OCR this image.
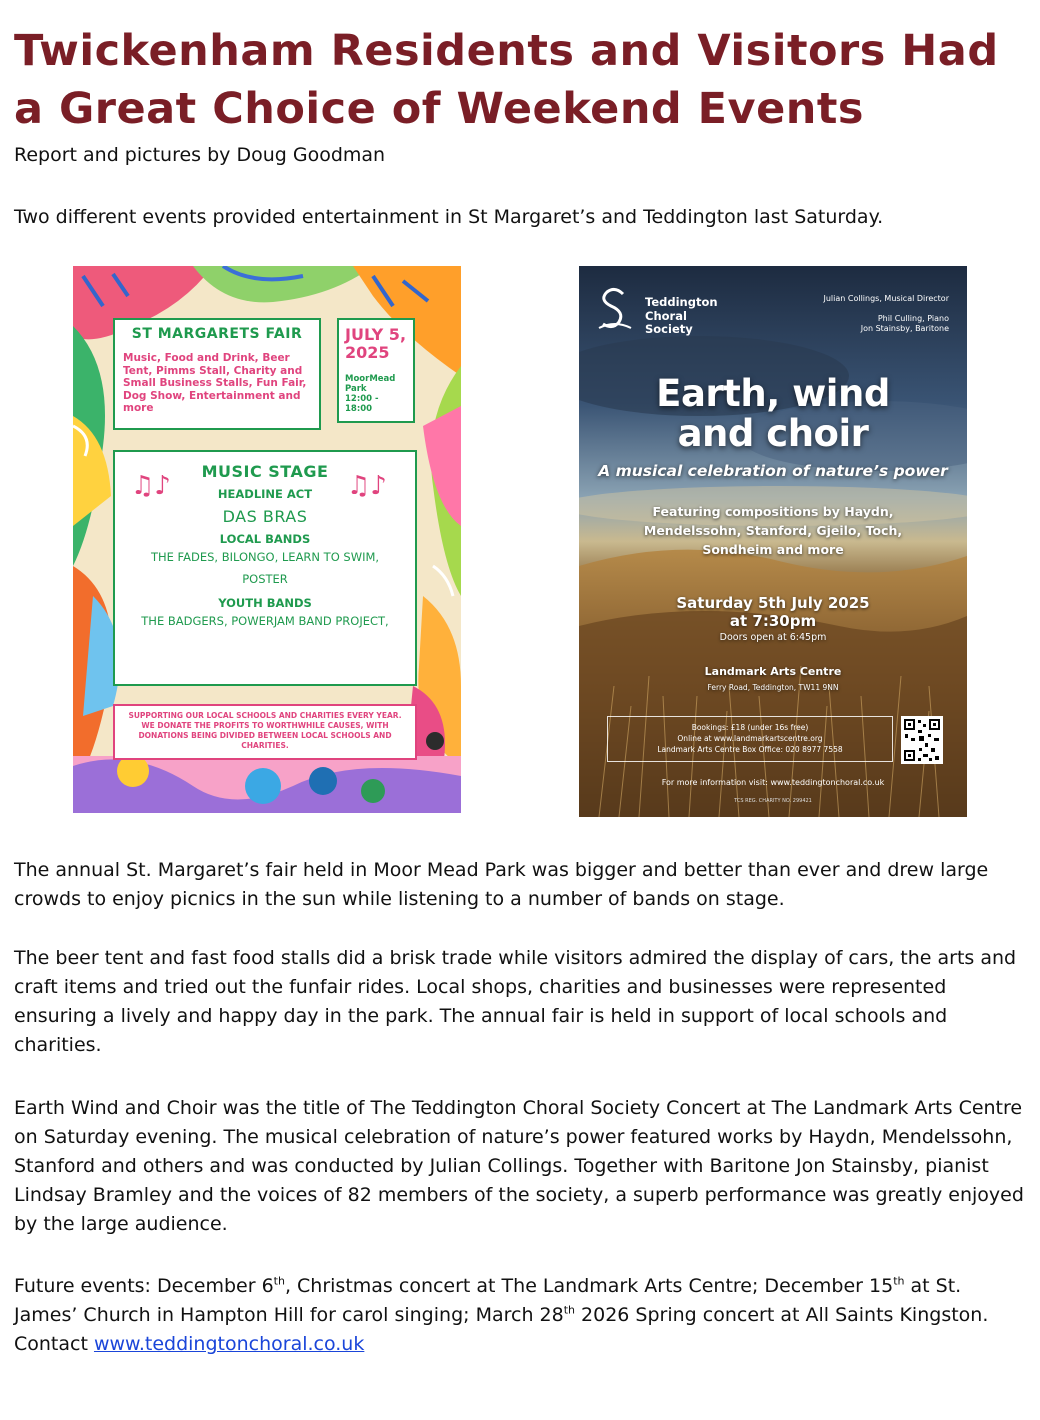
Twickenham Residents and Visitors Had a Great Choice of Weekend Events

Report and pictures by Doug Goodman

Two different events provided entertainment in St Margaret’s and Teddington last Saturday.

ST MARGARETS FAIR
Music, Food and Drink, Beer Tent, Pimms Stall, Charity and Small Business Stalls, Fun Fair, Dog Show, Entertainment and more
JULY 5, 2025
MoorMead Park
12:00 - 18:00
MUSIC STAGE
HEADLINE ACT
DAS BRAS
LOCAL BANDS
THE FADES, BILONGO, LEARN TO SWIM, POSTER
YOUTH BANDS
THE BADGERS, POWERJAM BAND PROJECT,
♫♪	♫♪
SUPPORTING OUR LOCAL SCHOOLS AND CHARITIES EVERY YEAR. WE DONATE THE PROFITS TO WORTHWHILE CAUSES, WITH DONATIONS BEING DIVIDED BETWEEN LOCAL SCHOOLS AND CHARITIES.
Teddington
Choral
Society
Julian Collings, Musical Director
Phil Culling, Piano
Jon Stainsby, Baritone
Earth, wind
and choir
A musical celebration of nature’s power
Featuring compositions by Haydn, Mendelssohn, Stanford, Gjeilo, Toch, Sondheim and more
Saturday 5th July 2025
at 7:30pm
Doors open at 6:45pm
Landmark Arts Centre
Ferry Road, Teddington, TW11 9NN
Bookings: £18 (under 16s free)
Online at www.landmarkartscentre.org
Landmark Arts Centre Box Office: 020 8977 7558
For more information visit: www.teddingtonchoral.co.uk
TCS REG. CHARITY NO. 299421

The annual St. Margaret’s fair held in Moor Mead Park was bigger and better than ever and drew large crowds to enjoy picnics in the sun while listening to a number of bands on stage.

The beer tent and fast food stalls did a brisk trade while visitors admired the display of cars, the arts and craft items and tried out the funfair rides. Local shops, charities and businesses were represented ensuring a lively and happy day in the park. The annual fair is held in support of local schools and charities.

Earth Wind and Choir was the title of The Teddington Choral Society Concert at The Landmark Arts Centre on Saturday evening. The musical celebration of nature’s power featured works by Haydn, Mendelssohn, Stanford and others and was conducted by Julian Collings. Together with Baritone Jon Stainsby, pianist Lindsay Bramley and the voices of 82 members of the society, a superb performance was greatly enjoyed by the large audience.

Future events: December 6th, Christmas concert at The Landmark Arts Centre; December 15th at St. James’ Church in Hampton Hill for carol singing; March 28th 2026 Spring concert at All Saints Kingston. Contact www.teddingtonchoral.co.uk
